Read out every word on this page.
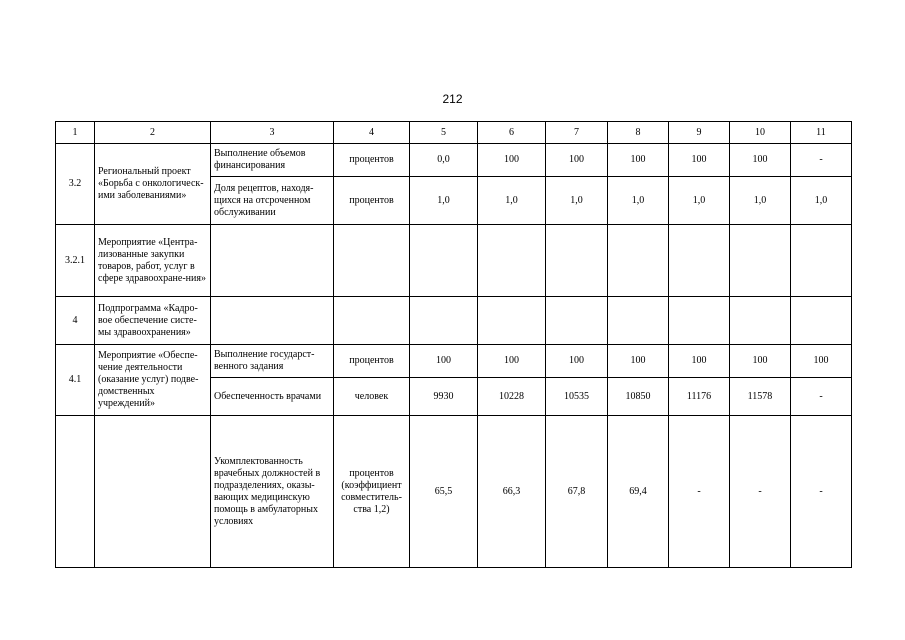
212
1	2	3	4	5	6	7	8	9	10	11
3.2	Региональный проект «Борьба с онкологическ-ими заболеваниями»	Выполнение объемов финансирования	процентов	0,0	100	100	100	100	100	-
		Доля рецептов, находя-щихся на отсроченном обслуживании	процентов	1,0	1,0	1,0	1,0	1,0	1,0	1,0
3.2.1	Мероприятие «Центра-лизованные закупки товаров, работ, услуг в сфере здравоохране-ния»									
4	Подпрограмма «Кадро-вое обеспечение систе-мы здравоохранения»									
4.1	Мероприятие «Обеспе-чение деятельности (оказание услуг) подве-домственных учреждений»	Выполнение государст-венного задания	процентов	100	100	100	100	100	100	100
		Обеспеченность врачами	человек	9930	10228	10535	10850	11176	11578	-
		Укомплектованность врачебных должностей в подразделениях, оказы-вающих медицинскую помощь в амбулаторных условиях	процентов (коэффициент совместитель-ства 1,2)	65,5	66,3	67,8	69,4	-	-	-
